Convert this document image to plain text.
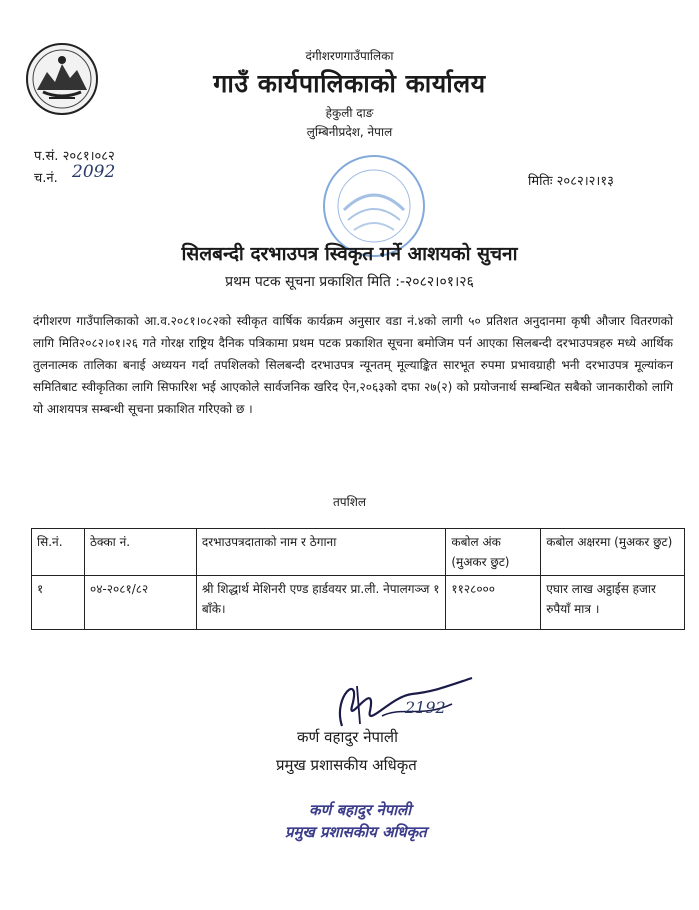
दंगीशरणगाउँपालिका
गाउँ कार्यपालिकाको कार्यालय
हेकुली दाङ
लुम्बिनीप्रदेश, नेपाल
प.सं. २०८१।०८२
च.नं. 2092	मितिः २०८२।२।१३
सिलबन्दी दरभाउपत्र स्विकृत गर्ने आशयको सुचना
प्रथम पटक सूचना प्रकाशित मिति :-२०८२।०१।२६
दंगीशरण गाउँपालिकाको आ.व.२०८१।०८२को स्वीकृत वार्षिक कार्यक्रम अनुसार वडा नं.४को लागी ५० प्रतिशत अनुदानमा कृषी औजार वितरणको लागि मिति२०८२।०१।२६ गते गोरक्ष राष्ट्रिय दैनिक पत्रिकामा प्रथम पटक प्रकाशित सूचना बमोजिम पर्न आएका सिलबन्दी दरभाउपत्रहरु मध्ये आर्थिक तुलनात्मक तालिका बनाई अध्ययन गर्दा तपशिलको सिलबन्दी दरभाउपत्र न्यूनतम् मूल्याङ्कित सारभूत रुपमा प्रभावग्राही भनी दरभाउपत्र मूल्यांकन समितिबाट स्वीकृतिका लागि सिफारिश भई आएकोले सार्वजनिक खरिद ऐन,२०६३को दफा २७(२) को प्रयोजनार्थ सम्बन्धित सबैको जानकारीको लागि यो आशयपत्र सम्बन्धी सूचना प्रकाशित गरिएको छ ।
तपशिल
सि.नं.	ठेक्का नं.	दरभाउपत्रदाताको नाम र ठेगाना	कबोल अंक (मुअकर छुट)	कबोल अक्षरमा (मुअकर छुट)
१	०४-२०८१/८२	श्री शिद्धार्थ मेशिनरी एण्ड हार्डवयर प्रा.ली. नेपालगञ्ज १ बाँके।	११२८०००	एघार लाख अट्ठाईस हजार रुपैयाँ मात्र ।
2192
कर्ण वहादुर नेपाली
प्रमुख प्रशासकीय अधिकृत
कर्ण बहादुर नेपाली
प्रमुख प्रशासकीय अधिकृत
